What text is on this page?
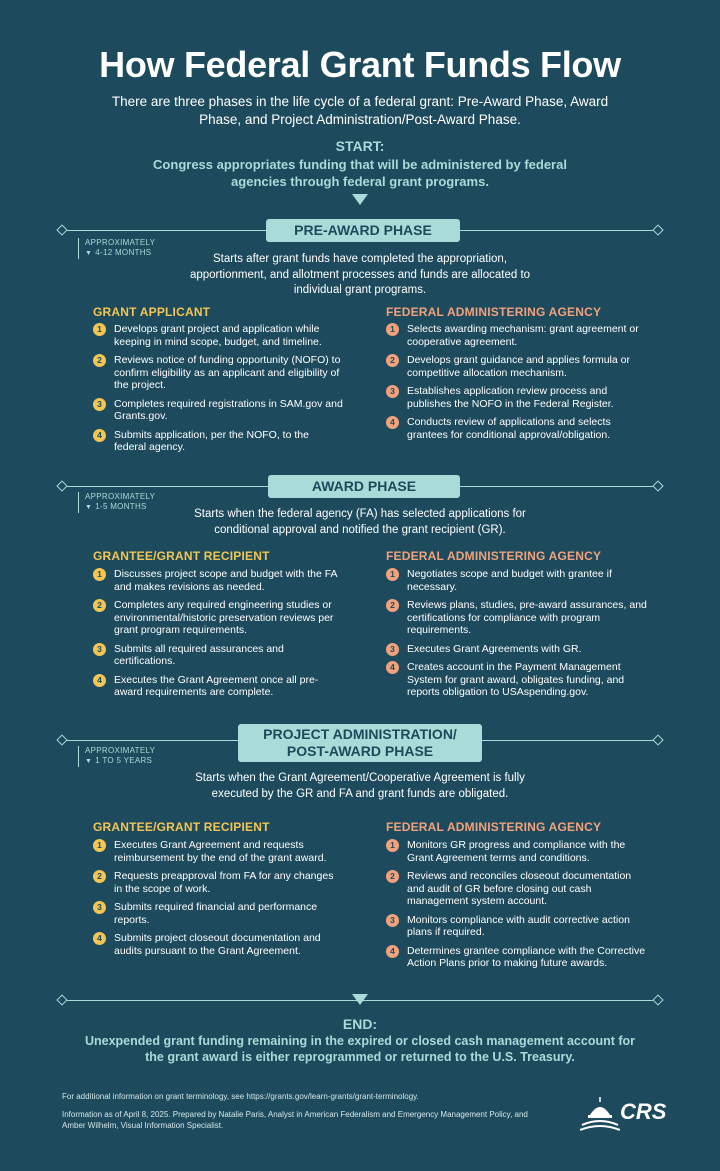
How Federal Grant Funds Flow
There are three phases in the life cycle of a federal grant: Pre-Award Phase, Award Phase, and Project Administration/Post-Award Phase.
START:
Congress appropriates funding that will be administered by federal agencies through federal grant programs.
PRE-AWARD PHASE
APPROXIMATELY
▼ 4-12 MONTHS
Starts after grant funds have completed the appropriation, apportionment, and allotment processes and funds are allocated to individual grant programs.
GRANT APPLICANT
1	Develops grant project and application while keeping in mind scope, budget, and timeline.
2	Reviews notice of funding opportunity (NOFO) to confirm eligibility as an applicant and eligibility of the project.
3	Completes required registrations in SAM.gov and Grants.gov.
4	Submits application, per the NOFO, to the federal agency.
FEDERAL ADMINISTERING AGENCY
1	Selects awarding mechanism: grant agreement or cooperative agreement.
2	Develops grant guidance and applies formula or competitive allocation mechanism.
3	Establishes application review process and publishes the NOFO in the Federal Register.
4	Conducts review of applications and selects grantees for conditional approval/obligation.
AWARD PHASE
APPROXIMATELY
▼ 1-5 MONTHS
Starts when the federal agency (FA) has selected applications for conditional approval and notified the grant recipient (GR).
GRANTEE/GRANT RECIPIENT
1	Discusses project scope and budget with the FA and makes revisions as needed.
2	Completes any required engineering studies or environmental/historic preservation reviews per grant program requirements.
3	Submits all required assurances and certifications.
4	Executes the Grant Agreement once all pre-award requirements are complete.
FEDERAL ADMINISTERING AGENCY
1	Negotiates scope and budget with grantee if necessary.
2	Reviews plans, studies, pre-award assurances, and certifications for compliance with program requirements.
3	Executes Grant Agreements with GR.
4	Creates account in the Payment Management System for grant award, obligates funding, and reports obligation to USAspending.gov.
PROJECT ADMINISTRATION/
POST-AWARD PHASE
APPROXIMATELY
▼ 1 TO 5 YEARS
Starts when the Grant Agreement/Cooperative Agreement is fully executed by the GR and FA and grant funds are obligated.
GRANTEE/GRANT RECIPIENT
1	Executes Grant Agreement and requests reimbursement by the end of the grant award.
2	Requests preapproval from FA for any changes in the scope of work.
3	Submits required financial and performance reports.
4	Submits project closeout documentation and audits pursuant to the Grant Agreement.
FEDERAL ADMINISTERING AGENCY
1	Monitors GR progress and compliance with the Grant Agreement terms and conditions.
2	Reviews and reconciles closeout documentation and audit of GR before closing out cash management system account.
3	Monitors compliance with audit corrective action plans if required.
4	Determines grantee compliance with the Corrective Action Plans prior to making future awards.
END:
Unexpended grant funding remaining in the expired or closed cash management account for the grant award is either reprogrammed or returned to the U.S. Treasury.
For additional information on grant terminology, see https://grants.gov/learn-grants/grant-terminology.
Information as of April 8, 2025. Prepared by Natalie Paris, Analyst in American Federalism and Emergency Management Policy, and Amber Wilhelm, Visual Information Specialist.
CRS
